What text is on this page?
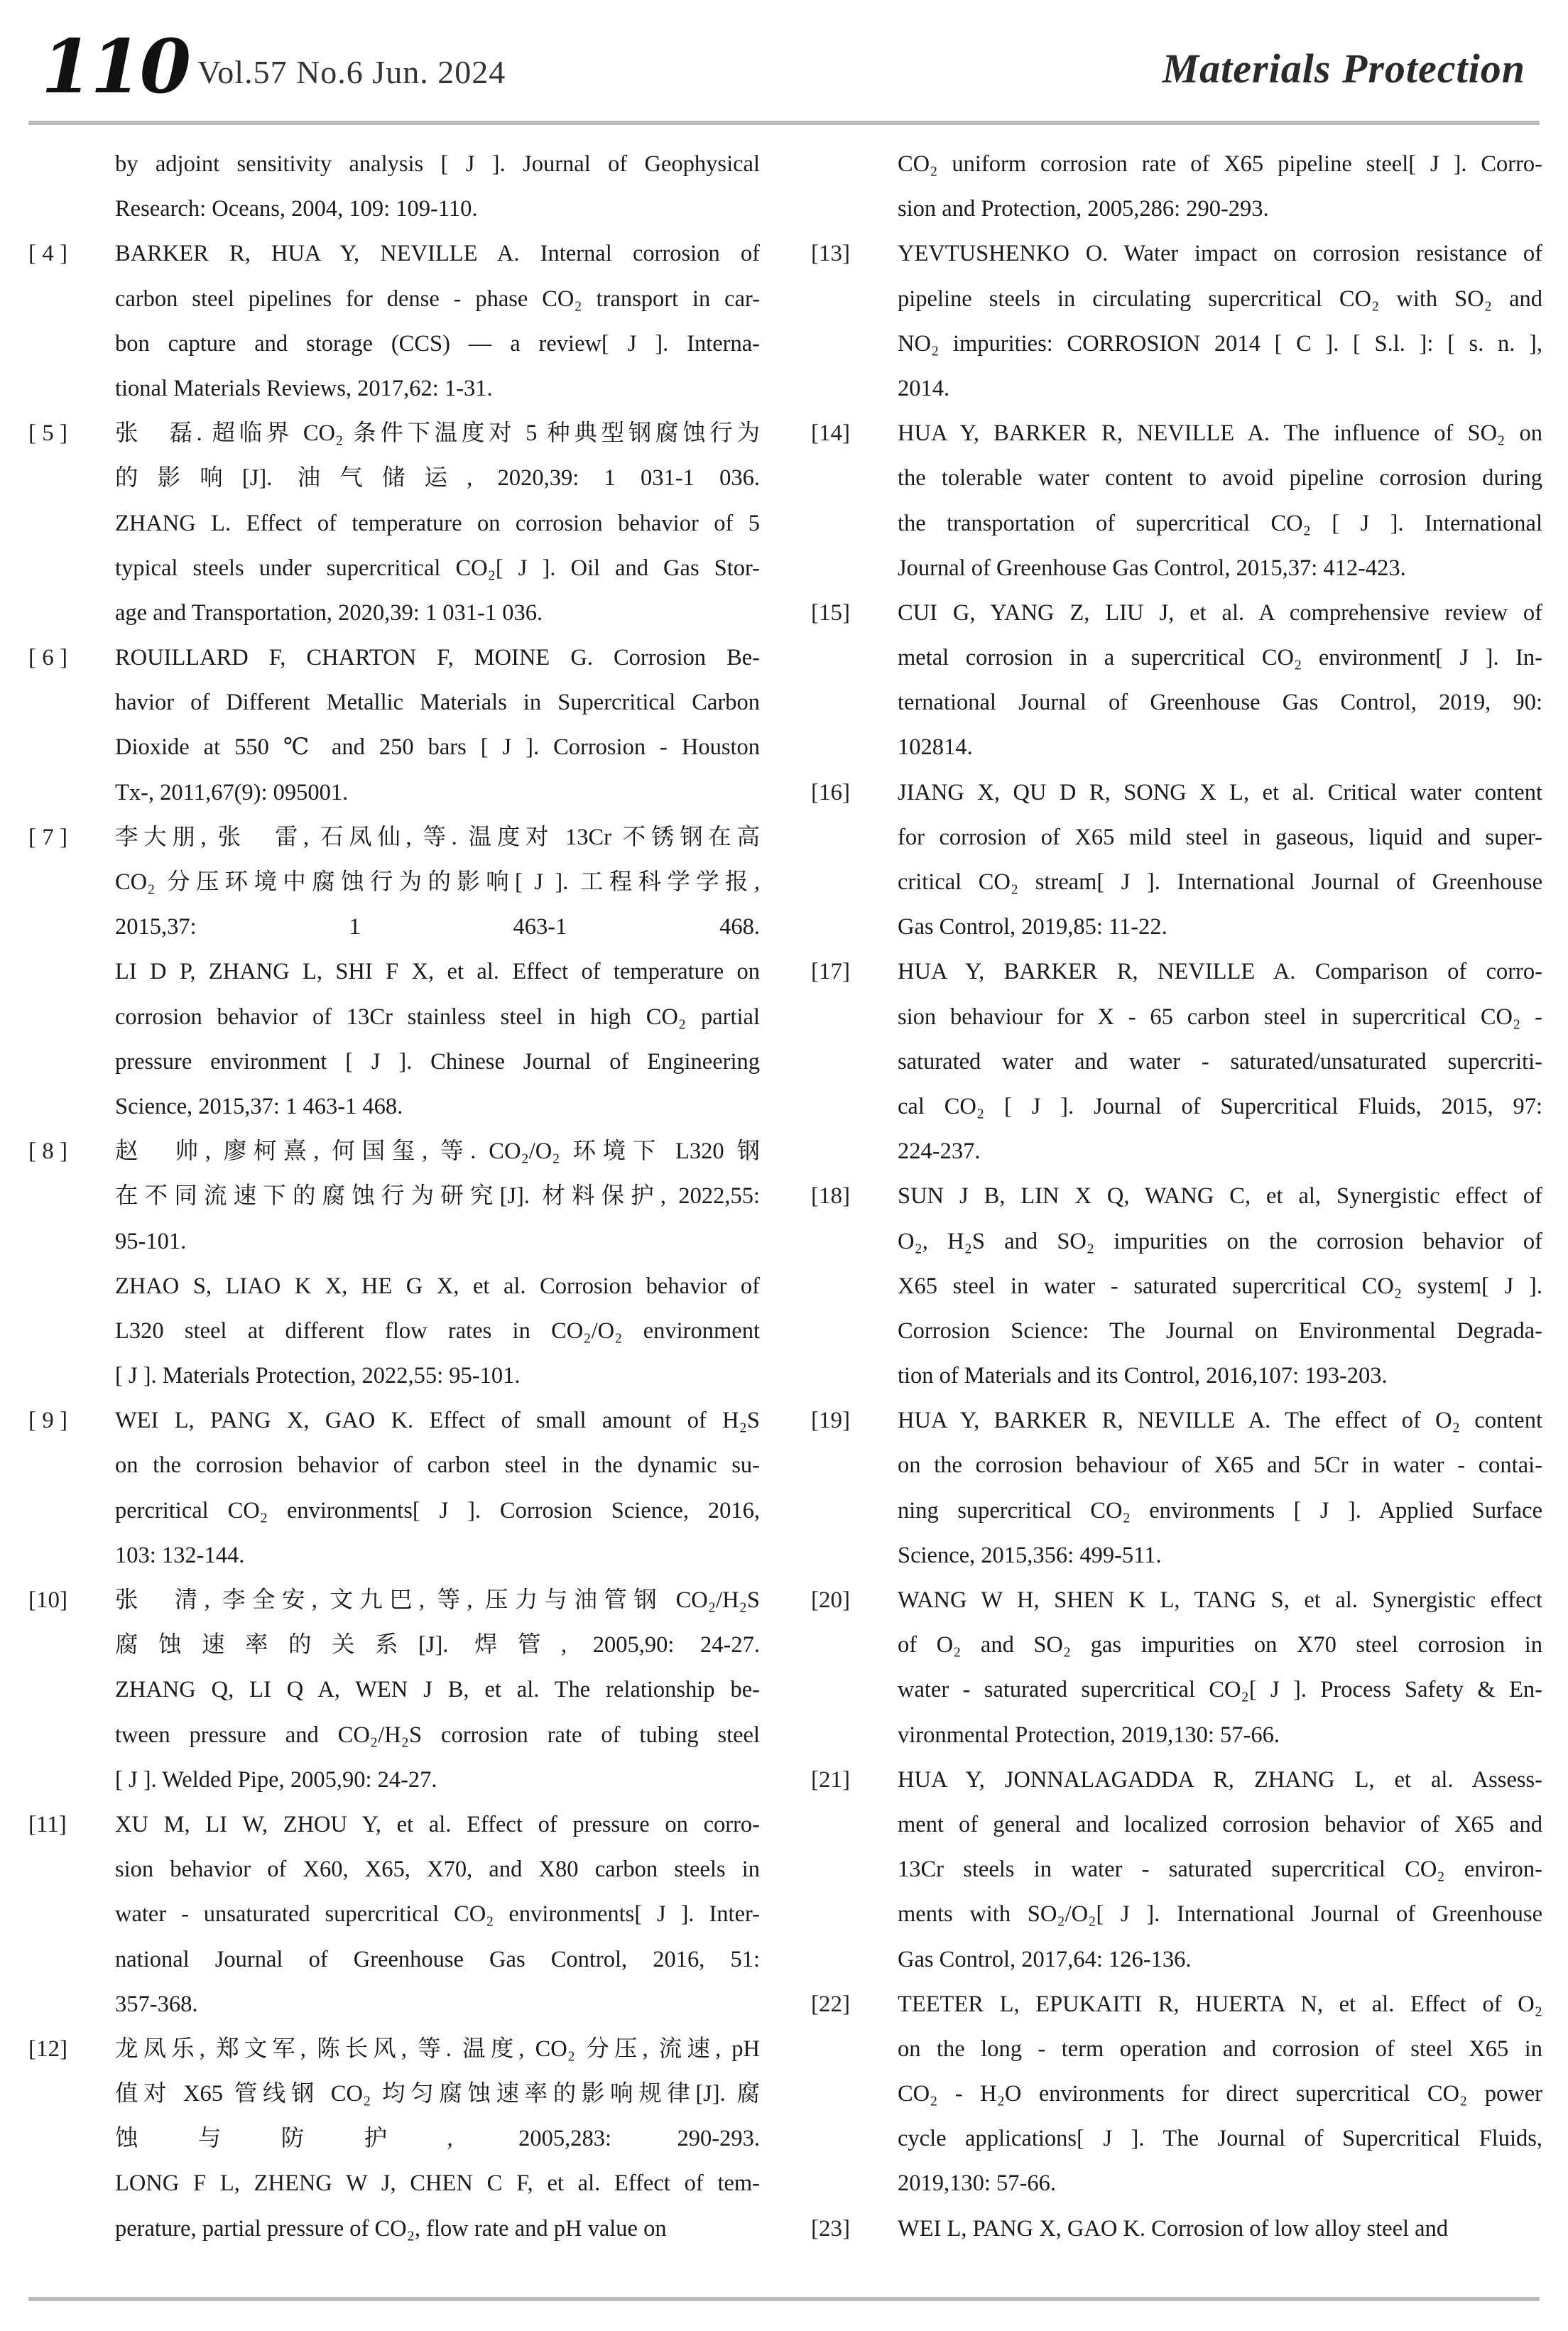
110 Vol.57 No.6 Jun. 2024	Materials Protection
by adjoint sensitivity analysis [ J ]. Journal of Geophysical
Research: Oceans, 2004, 109: 109-110.
[ 4 ]	BARKER R, HUA Y, NEVILLE A. Internal corrosion of
carbon steel pipelines for dense - phase CO₂ transport in car-
bon capture and storage (CCS) — a review[ J ]. Interna-
tional Materials Reviews, 2017,62: 1-31.
[ 5 ]	张　磊. 超临界 CO₂ 条件下温度对 5 种典型钢腐蚀行为
的影响[J]. 油气储运, 2020,39: 1 031-1 036.
ZHANG L. Effect of temperature on corrosion behavior of 5
typical steels under supercritical CO₂[ J ]. Oil and Gas Stor-
age and Transportation, 2020,39: 1 031-1 036.
[ 6 ]	ROUILLARD F, CHARTON F, MOINE G. Corrosion Be-
havior of Different Metallic Materials in Supercritical Carbon
Dioxide at 550 ℃ and 250 bars [ J ]. Corrosion - Houston
Tx-, 2011,67(9): 095001.
[ 7 ]	李大朋, 张　雷, 石凤仙, 等. 温度对 13Cr 不锈钢在高
CO₂ 分压环境中腐蚀行为的影响[ J ]. 工程科学学报,
2015,37: 1 463-1 468.
LI D P, ZHANG L, SHI F X, et al. Effect of temperature on
corrosion behavior of 13Cr stainless steel in high CO₂ partial
pressure environment [ J ]. Chinese Journal of Engineering
Science, 2015,37: 1 463-1 468.
[ 8 ]	赵　帅, 廖柯熹, 何国玺, 等. CO₂/O₂ 环境下 L320 钢
在不同流速下的腐蚀行为研究[J]. 材料保护, 2022,55:
95-101.
ZHAO S, LIAO K X, HE G X, et al. Corrosion behavior of
L320 steel at different flow rates in CO₂/O₂ environment
[ J ]. Materials Protection, 2022,55: 95-101.
[ 9 ]	WEI L, PANG X, GAO K. Effect of small amount of H₂S
on the corrosion behavior of carbon steel in the dynamic su-
percritical CO₂ environments[ J ]. Corrosion Science, 2016,
103: 132-144.
[10]	张　清, 李全安, 文九巴, 等, 压力与油管钢 CO₂/H₂S
腐蚀速率的关系[J]. 焊管, 2005,90: 24-27.
ZHANG Q, LI Q A, WEN J B, et al. The relationship be-
tween pressure and CO₂/H₂S corrosion rate of tubing steel
[ J ]. Welded Pipe, 2005,90: 24-27.
[11]	XU M, LI W, ZHOU Y, et al. Effect of pressure on corro-
sion behavior of X60, X65, X70, and X80 carbon steels in
water - unsaturated supercritical CO₂ environments[ J ]. Inter-
national Journal of Greenhouse Gas Control, 2016, 51:
357-368.
[12]	龙凤乐, 郑文军, 陈长风, 等. 温度, CO₂ 分压, 流速, pH
值对 X65 管线钢 CO₂ 均匀腐蚀速率的影响规律[J]. 腐
蚀与防护, 2005,283: 290-293.
LONG F L, ZHENG W J, CHEN C F, et al. Effect of tem-
perature, partial pressure of CO₂, flow rate and pH value on
CO₂ uniform corrosion rate of X65 pipeline steel[ J ]. Corro-
sion and Protection, 2005,286: 290-293.
[13]	YEVTUSHENKO O. Water impact on corrosion resistance of
pipeline steels in circulating supercritical CO₂ with SO₂ and
NO₂ impurities: CORROSION 2014 [ C ]. [ S.l. ]: [ s. n. ],
2014.
[14]	HUA Y, BARKER R, NEVILLE A. The influence of SO₂ on
the tolerable water content to avoid pipeline corrosion during
the transportation of supercritical CO₂ [ J ]. International
Journal of Greenhouse Gas Control, 2015,37: 412-423.
[15]	CUI G, YANG Z, LIU J, et al. A comprehensive review of
metal corrosion in a supercritical CO₂ environment[ J ]. In-
ternational Journal of Greenhouse Gas Control, 2019, 90:
102814.
[16]	JIANG X, QU D R, SONG X L, et al. Critical water content
for corrosion of X65 mild steel in gaseous, liquid and super-
critical CO₂ stream[ J ]. International Journal of Greenhouse
Gas Control, 2019,85: 11-22.
[17]	HUA Y, BARKER R, NEVILLE A. Comparison of corro-
sion behaviour for X - 65 carbon steel in supercritical CO₂ -
saturated water and water - saturated/unsaturated supercriti-
cal CO₂ [ J ]. Journal of Supercritical Fluids, 2015, 97:
224-237.
[18]	SUN J B, LIN X Q, WANG C, et al, Synergistic effect of
O₂, H₂S and SO₂ impurities on the corrosion behavior of
X65 steel in water - saturated supercritical CO₂ system[ J ].
Corrosion Science: The Journal on Environmental Degrada-
tion of Materials and its Control, 2016,107: 193-203.
[19]	HUA Y, BARKER R, NEVILLE A. The effect of O₂ content
on the corrosion behaviour of X65 and 5Cr in water - contai-
ning supercritical CO₂ environments [ J ]. Applied Surface
Science, 2015,356: 499-511.
[20]	WANG W H, SHEN K L, TANG S, et al. Synergistic effect
of O₂ and SO₂ gas impurities on X70 steel corrosion in
water - saturated supercritical CO₂[ J ]. Process Safety & En-
vironmental Protection, 2019,130: 57-66.
[21]	HUA Y, JONNALAGADDA R, ZHANG L, et al. Assess-
ment of general and localized corrosion behavior of X65 and
13Cr steels in water - saturated supercritical CO₂ environ-
ments with SO₂/O₂[ J ]. International Journal of Greenhouse
Gas Control, 2017,64: 126-136.
[22]	TEETER L, EPUKAITI R, HUERTA N, et al. Effect of O₂
on the long - term operation and corrosion of steel X65 in
CO₂ - H₂O environments for direct supercritical CO₂ power
cycle applications[ J ]. The Journal of Supercritical Fluids,
2019,130: 57-66.
[23]	WEI L, PANG X, GAO K. Corrosion of low alloy steel and
